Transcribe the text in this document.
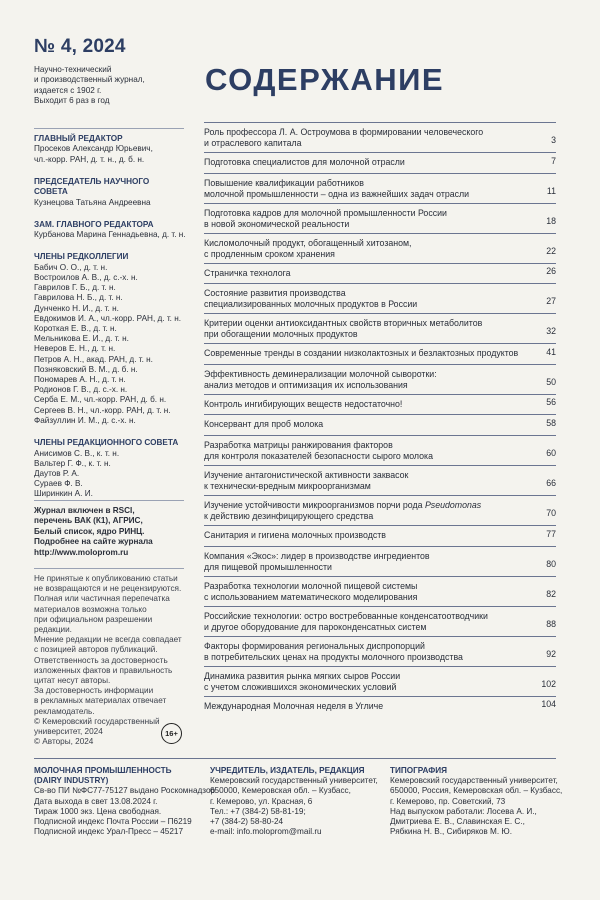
№ 4, 2024
Научно-технический
и производственный журнал,
издается с 1902 г.
Выходит 6 раз в год
ГЛАВНЫЙ РЕДАКТОР
Просеков Александр Юрьевич,
чл.-корр. РАН, д. т. н., д. б. н.
ПРЕДСЕДАТЕЛЬ НАУЧНОГО СОВЕТА
Кузнецова Татьяна Андреевна
ЗАМ. ГЛАВНОГО РЕДАКТОРА
Курбанова Марина Геннадьевна, д. т. н.
ЧЛЕНЫ РЕДКОЛЛЕГИИ
Бабич О. О., д. т. н.
Востроилов А. В., д. с.-х. н.
Гаврилов Г. Б., д. т. н.
Гаврилова Н. Б., д. т. н.
Дунченко Н. И., д. т. н.
Евдокимов И. А., чл.-корр. РАН, д. т. н.
Короткая Е. В., д. т. н.
Мельникова Е. И., д. т. н.
Неверов Е. Н., д. т. н.
Петров А. Н., акад. РАН, д. т. н.
Позняковский В. М., д. б. н.
Пономарев А. Н., д. т. н.
Родионов Г. В., д. с.-х. н.
Серба Е. М., чл.-корр. РАН, д. б. н.
Сергеев В. Н., чл.-корр. РАН, д. т. н.
Файзуллин И. М., д. с.-х. н.
ЧЛЕНЫ РЕДАКЦИОННОГО СОВЕТА
Анисимов С. В., к. т. н.
Вальтер Г. Ф., к. т. н.
Даутов Р. А.
Сураев Ф. В.
Ширинкин А. И.
Журнал включен в RSCI,
перечень ВАК (К1), АГРИС,
Белый список, ядро РИНЦ.
Подробнее на сайте журнала
http://www.moloprom.ru
Не принятые к опубликованию статьи
не возвращаются и не рецензируются.
Полная или частичная перепечатка
материалов возможна только
при официальном разрешении редакции.
Мнение редакции не всегда совпадает
с позицией авторов публикаций.
Ответственность за достоверность
изложенных фактов и правильность
цитат несут авторы.
За достоверность информации
в рекламных материалах отвечает
рекламодатель.
© Кемеровский государственный
университет, 2024
© Авторы, 2024
16+
СОДЕРЖАНИЕ
Роль профессора Л. А. Остроумова в формировании человеческого
и отраслевого капитала	3
Подготовка специалистов для молочной отрасли	7
Повышение квалификации работников
молочной промышленности – одна из важнейших задач отрасли	11
Подготовка кадров для молочной промышленности России
в новой экономической реальности	18
Кисломолочный продукт, обогащенный хитозаном,
с продленным сроком хранения	22
Страничка технолога	26
Состояние развития производства
специализированных молочных продуктов в России	27
Критерии оценки антиоксидантных свойств вторичных метаболитов
при обогащении молочных продуктов	32
Современные тренды в создании низколактозных и безлактозных продуктов	41
Эффективность деминерализации молочной сыворотки:
анализ методов и оптимизация их использования	50
Контроль ингибирующих веществ недостаточно!	56
Консервант для проб молока	58
Разработка матрицы ранжирования факторов
для контроля показателей безопасности сырого молока	60
Изучение антагонистической активности заквасок
к технически-вредным микроорганизмам	66
Изучение устойчивости микроорганизмов порчи рода Pseudomonas
к действию дезинфицирующего средства	70
Санитария и гигиена молочных производств	77
Компания «Экос»: лидер в производстве ингредиентов
для пищевой промышленности	80
Разработка технологии молочной пищевой системы
с использованием математического моделирования	82
Российские технологии: остро востребованные конденсатоотводчики
и другое оборудование для пароконденсатных систем	88
Факторы формирования региональных диспропорций
в потребительских ценах на продукты молочного производства	92
Динамика развития рынка мягких сыров России
с учетом сложившихся экономических условий	102
Международная Молочная неделя в Угличе	104
МОЛОЧНАЯ ПРОМЫШЛЕННОСТЬ
(DAIRY INDUSTRY)
Св-во ПИ №ФС77-75127 выдано Роскомнадзор
Дата выхода в свет 13.08.2024 г.
Тираж 1000 экз. Цена свободная.
Подписной индекс Почта России – П6219
Подписной индекс Урал-Пресс – 45217
УЧРЕДИТЕЛЬ, ИЗДАТЕЛЬ, РЕДАКЦИЯ
Кемеровский государственный университет,
650000, Кемеровская обл. – Кузбасс,
г. Кемерово, ул. Красная, 6
Тел.: +7 (384-2) 58-81-19;
+7 (384-2) 58-80-24
e-mail: info.moloprom@mail.ru
ТИПОГРАФИЯ
Кемеровский государственный университет,
650000, Россия, Кемеровская обл. – Кузбасс,
г. Кемерово, пр. Советский, 73
Над выпуском работали: Лосева А. И.,
Дмитриева Е. В., Славинская Е. С.,
Рябкина Н. В., Сибиряков М. Ю.
